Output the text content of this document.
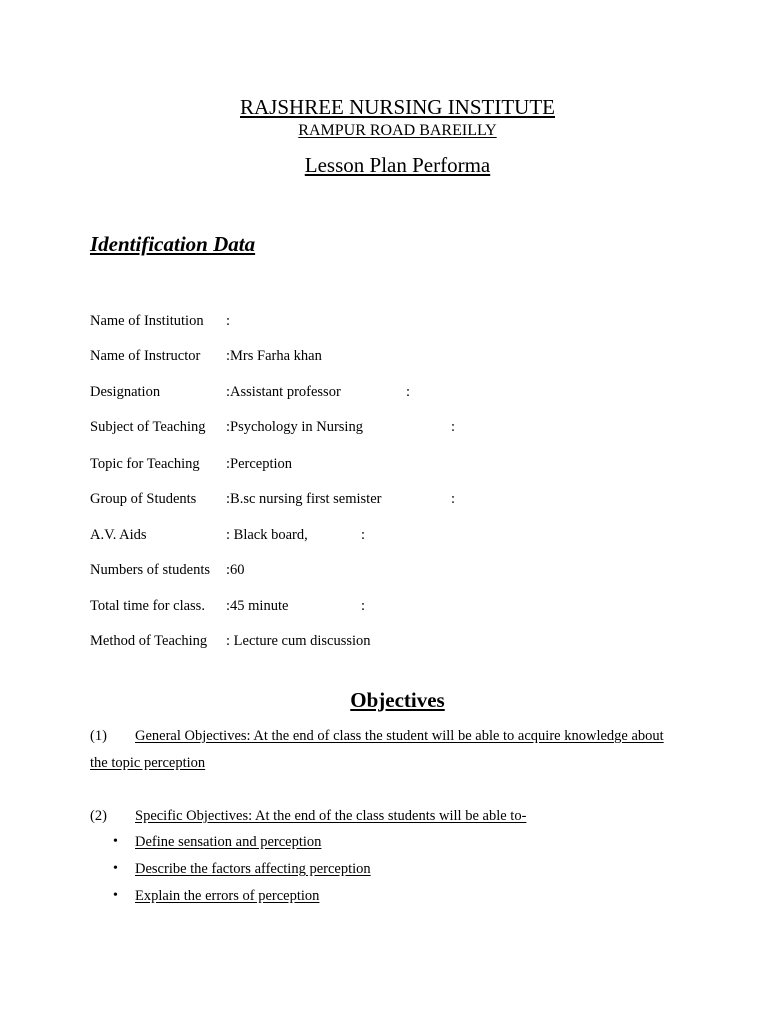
RAJSHREE NURSING INSTITUTE
RAMPUR ROAD BAREILLY
Lesson Plan Performa
Identification Data
Name of Institution :
Name of Instructor :Mrs Farha khan
Designation	:Assistant professor	:
Subject of Teaching :Psychology in Nursing	:
Topic for Teaching :Perception
Group of Students :B.sc nursing first semister	:
A.V. Aids	: Black board,	:
Numbers of students :60
Total time for class. :45 minute	:
Method of Teaching : Lecture cum discussion
Objectives
(1) General Objectives: At the end of class the student will be able to acquire knowledge about
the topic perception
(2) Specific Objectives: At the end of the class students will be able to-
• Define sensation and perception
• Describe the factors affecting perception
• Explain the errors of perception
